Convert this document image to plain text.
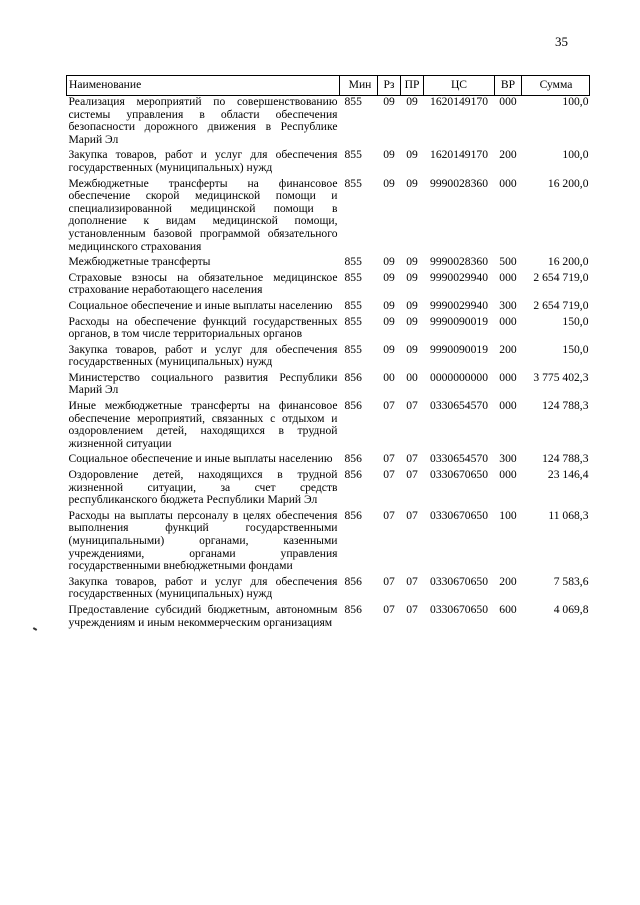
35
Наименование	Мин	Рз	ПР	ЦС	ВР	Сумма
Реализация мероприятий по совершенствованию системы управления в области обеспечения безопасности дорожного движения в Республике Марий Эл	855	09	09	1620149170	000	100,0
Закупка товаров, работ и услуг для обеспечения государственных (муниципальных) нужд	855	09	09	1620149170	200	100,0
Межбюджетные трансферты на финансовое обеспечение скорой медицинской помощи и специализированной медицинской помощи в дополнение к видам медицинской помощи, установленным базовой программой обязательного медицинского страхования	855	09	09	9990028360	000	16 200,0
Межбюджетные трансферты	855	09	09	9990028360	500	16 200,0
Страховые взносы на обязательное медицинское страхование неработающего населения	855	09	09	9990029940	000	2 654 719,0
Социальное обеспечение и иные выплаты населению	855	09	09	9990029940	300	2 654 719,0
Расходы на обеспечение функций государственных органов, в том числе территориальных органов	855	09	09	9990090019	000	150,0
Закупка товаров, работ и услуг для обеспечения государственных (муниципальных) нужд	855	09	09	9990090019	200	150,0
Министерство социального развития Республики Марий Эл	856	00	00	0000000000	000	3 775 402,3
Иные межбюджетные трансферты на финансовое обеспечение мероприятий, связанных с отдыхом и оздоровлением детей, находящихся в трудной жизненной ситуации	856	07	07	0330654570	000	124 788,3
Социальное обеспечение и иные выплаты населению	856	07	07	0330654570	300	124 788,3
Оздоровление детей, находящихся в трудной жизненной ситуации, за счет средств республиканского бюджета Республики Марий Эл	856	07	07	0330670650	000	23 146,4
Расходы на выплаты персоналу в целях обеспечения выполнения функций государственными (муниципальными) органами, казенными учреждениями, органами управления государственными внебюджетными фондами	856	07	07	0330670650	100	11 068,3
Закупка товаров, работ и услуг для обеспечения государственных (муниципальных) нужд	856	07	07	0330670650	200	7 583,6
Предоставление субсидий бюджетным, автономным учреждениям и иным некоммерческим организациям	856	07	07	0330670650	600	4 069,8
